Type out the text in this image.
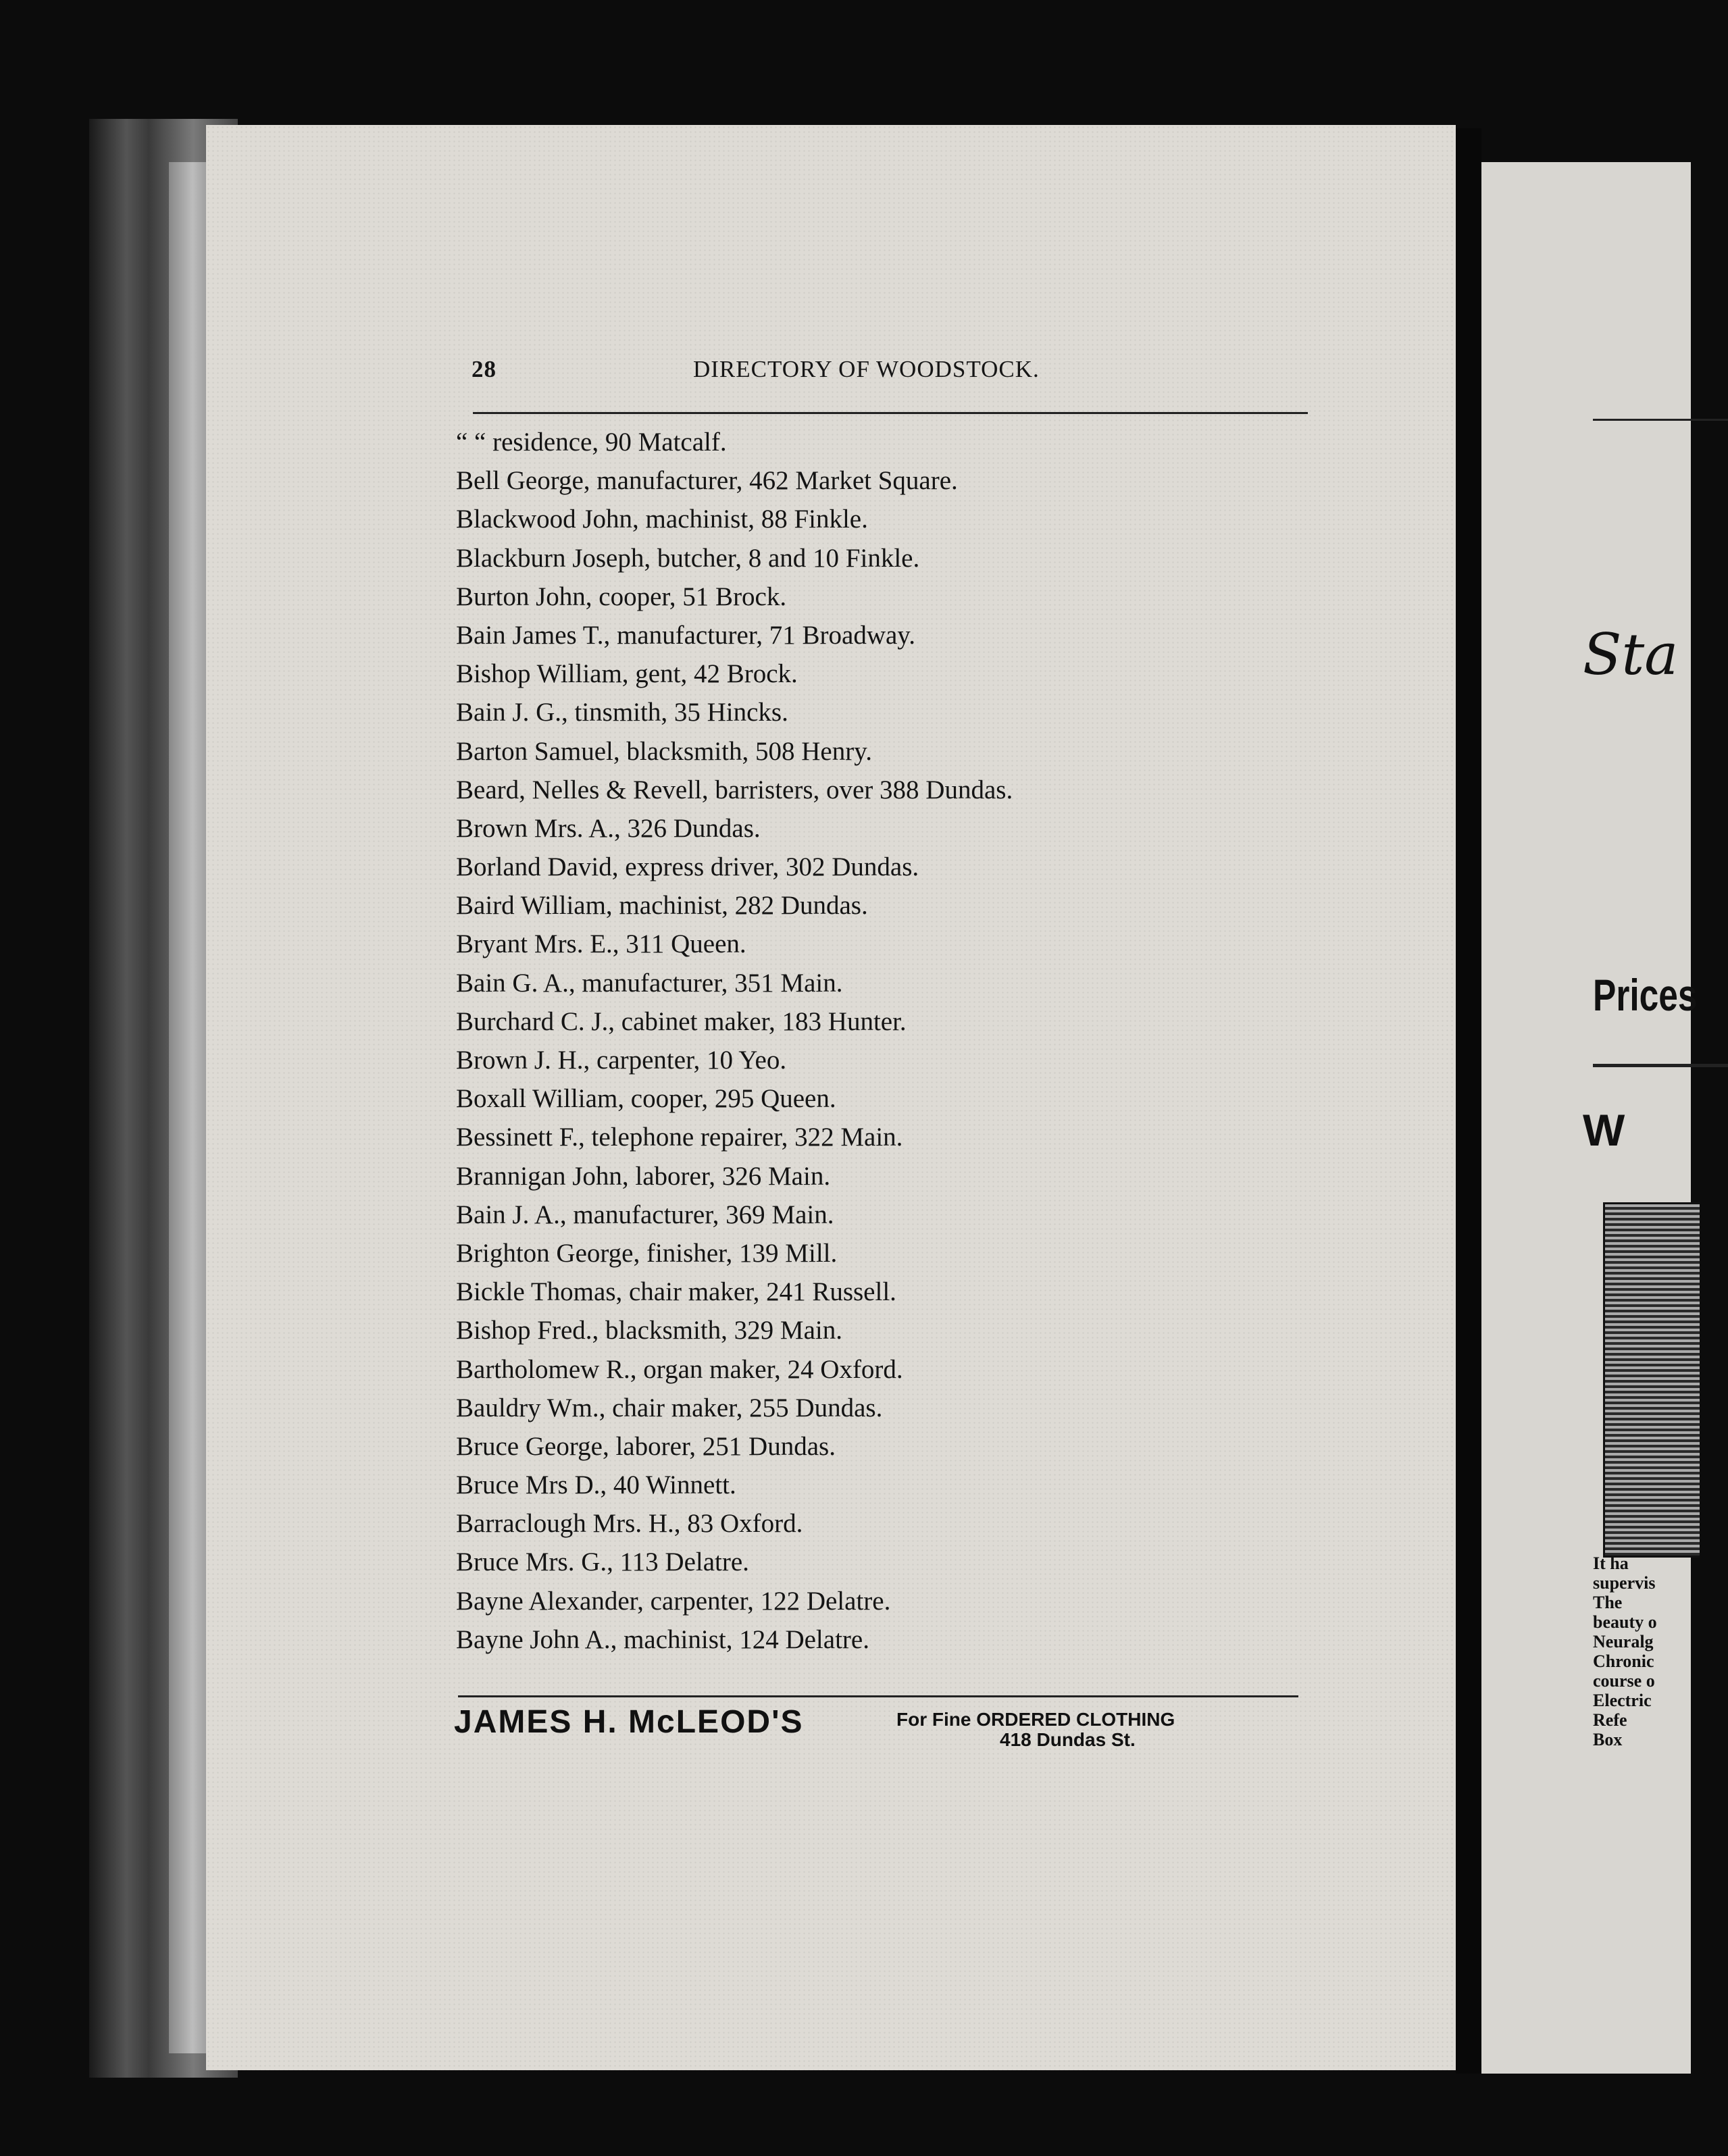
28	DIRECTORY OF WOODSTOCK.
“ “ residence, 90 Matcalf.
Bell George, manufacturer, 462 Market Square.
Blackwood John, machinist, 88 Finkle.
Blackburn Joseph, butcher, 8 and 10 Finkle.
Burton John, cooper, 51 Brock.
Bain James T., manufacturer, 71 Broadway.
Bishop William, gent, 42 Brock.
Bain J. G., tinsmith, 35 Hincks.
Barton Samuel, blacksmith, 508 Henry.
Beard, Nelles & Revell, barristers, over 388 Dundas.
Brown Mrs. A., 326 Dundas.
Borland David, express driver, 302 Dundas.
Baird William, machinist, 282 Dundas.
Bryant Mrs. E., 311 Queen.
Bain G. A., manufacturer, 351 Main.
Burchard C. J., cabinet maker, 183 Hunter.
Brown J. H., carpenter, 10 Yeo.
Boxall William, cooper, 295 Queen.
Bessinett F., telephone repairer, 322 Main.
Brannigan John, laborer, 326 Main.
Bain J. A., manufacturer, 369 Main.
Brighton George, finisher, 139 Mill.
Bickle Thomas, chair maker, 241 Russell.
Bishop Fred., blacksmith, 329 Main.
Bartholomew R., organ maker, 24 Oxford.
Bauldry Wm., chair maker, 255 Dundas.
Bruce George, laborer, 251 Dundas.
Bruce Mrs D., 40 Winnett.
Barraclough Mrs. H., 83 Oxford.
Bruce Mrs. G., 113 Delatre.
Bayne Alexander, carpenter, 122 Delatre.
Bayne John A., machinist, 124 Delatre.
JAMES H. McLEOD'S	For Fine ORDERED CLOTHING
418 Dundas St.
Sta
Prices
W
It ha
supervis
The
beauty o
Neuralg
Chronic
course o
Electric
Refe
Box
